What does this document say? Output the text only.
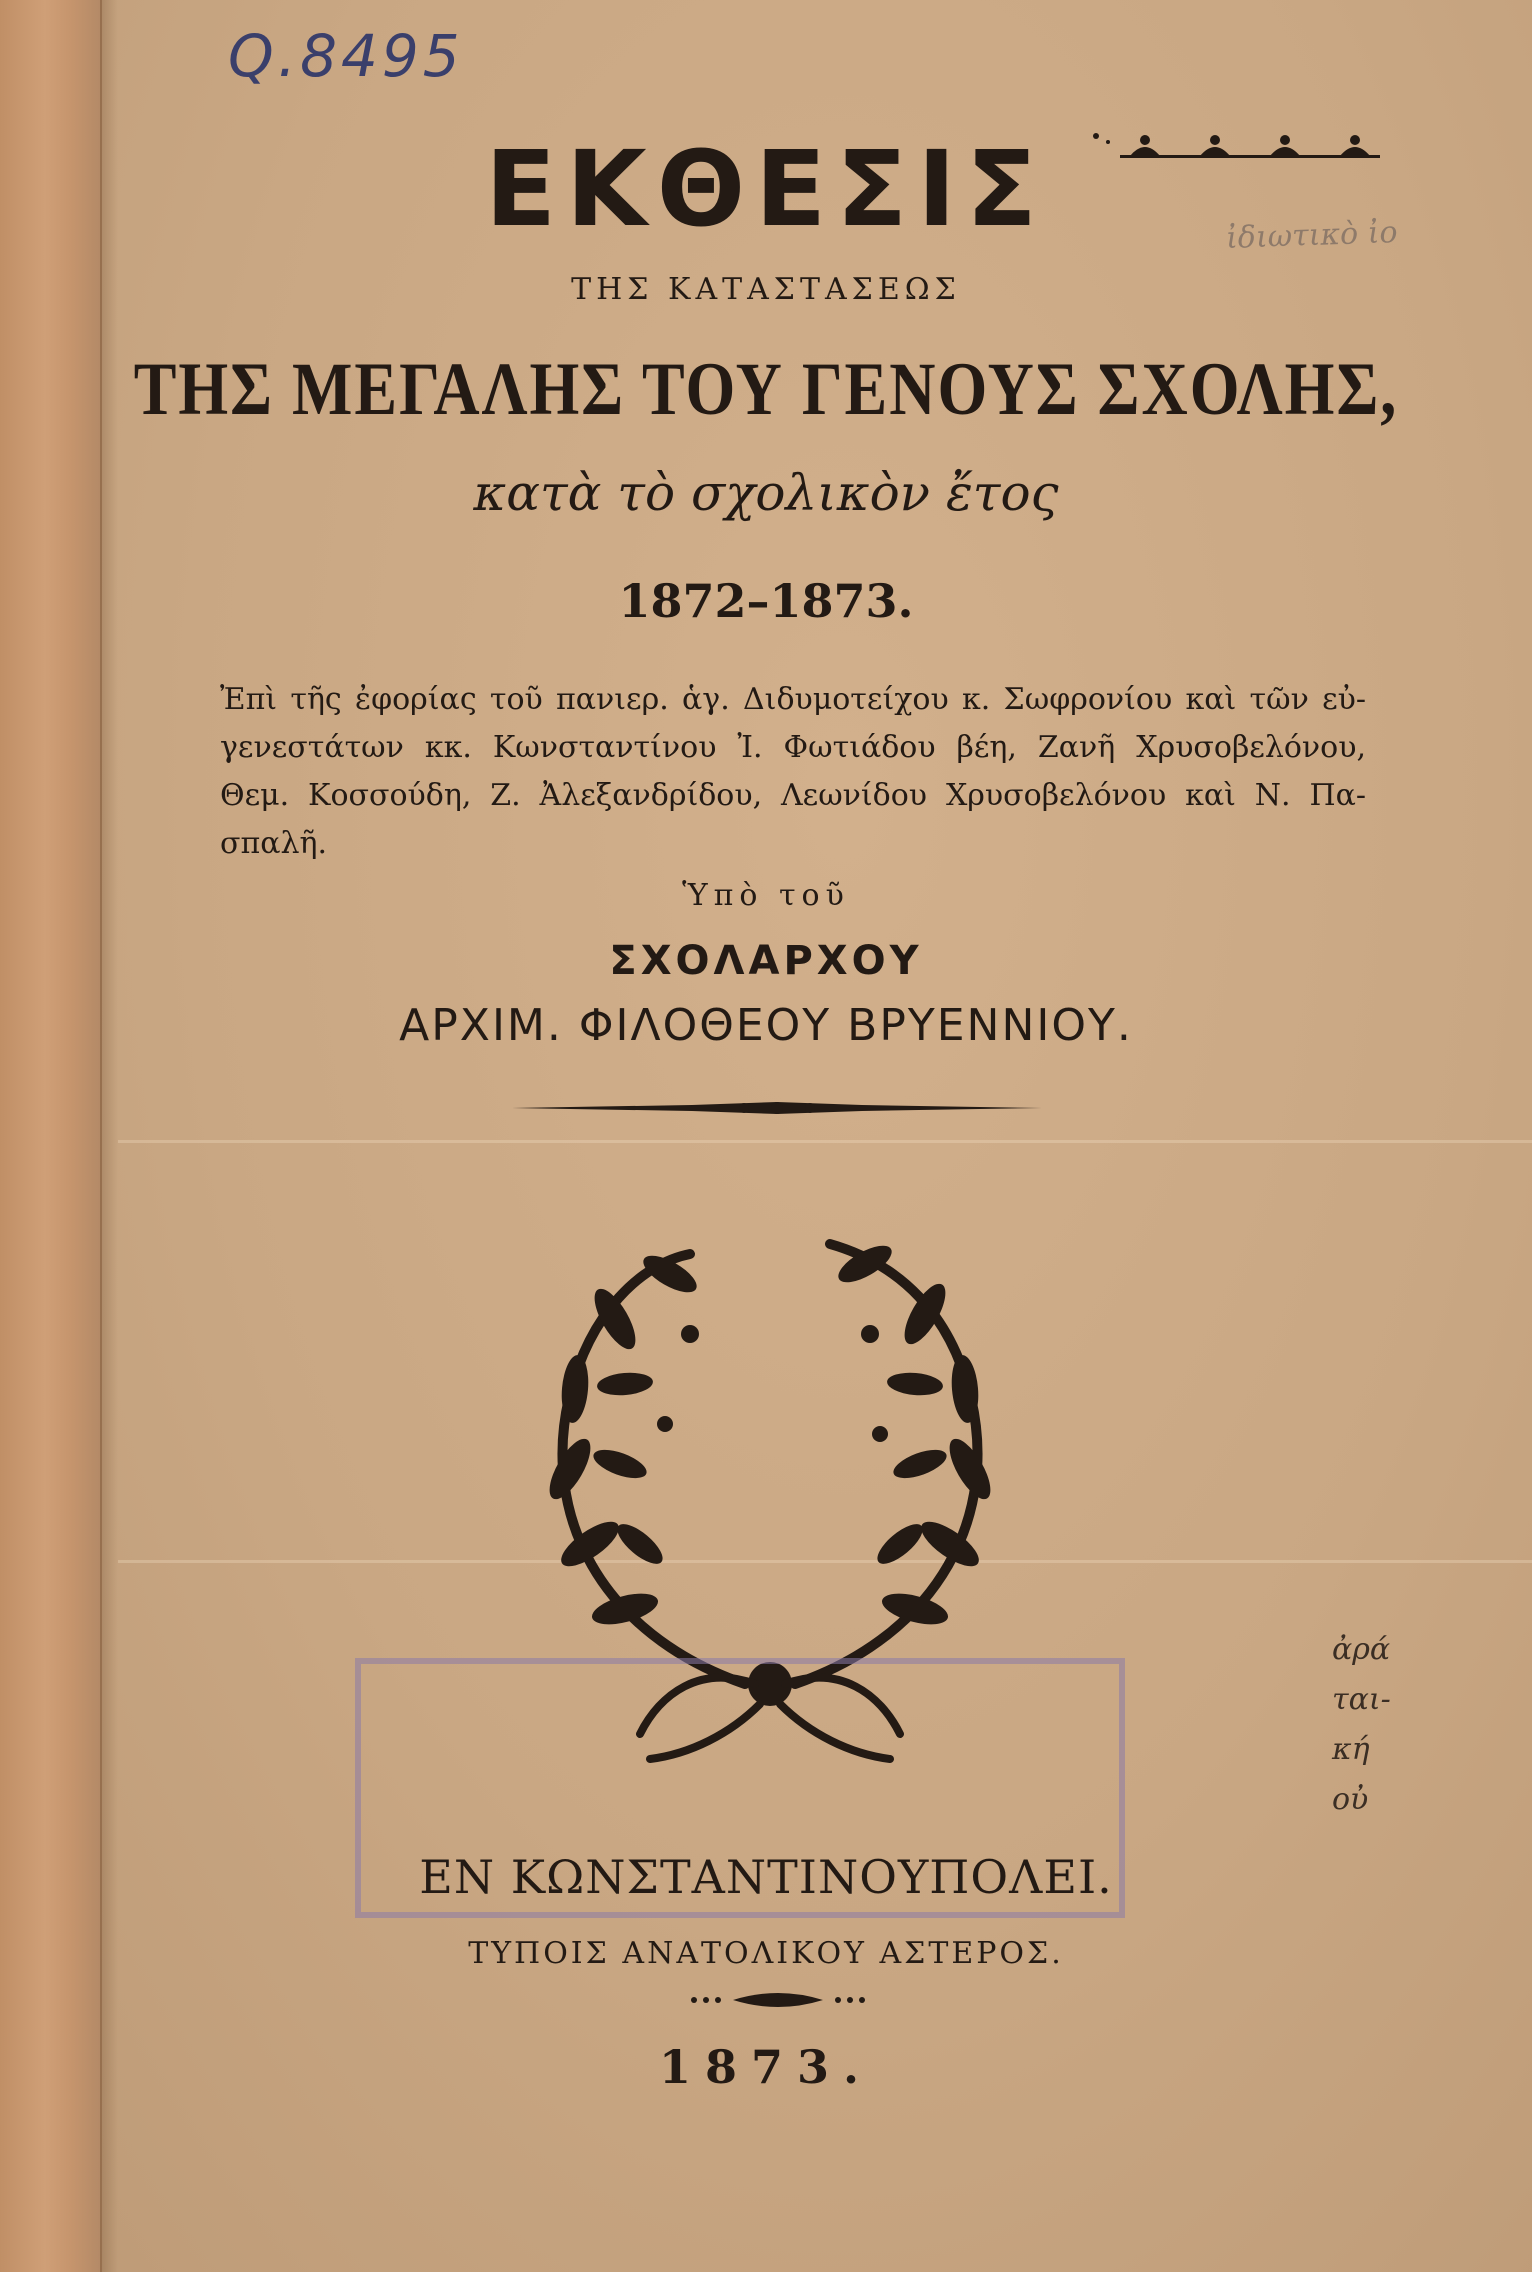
Q.8495
ἰδιωτικὸ ἰο
ΕΚΘΕΣΙΣ
ΤΗΣ ΚΑΤΑΣΤΑΣΕΩΣ
ΤΗΣ ΜΕΓΑΛΗΣ ΤΟΥ ΓΕΝΟΥΣ ΣΧΟΛΗΣ,
κατὰ τὸ σχολικὸν ἔτος
1872–1873.
Ἐπὶ τῆς ἐφορίας τοῦ πανιερ. ἁγ. Διδυμοτείχου κ. Σωφρονίου καὶ τῶν εὐ-
γενεστάτων κκ. Κωνσταντίνου Ἰ. Φωτιάδου βέη, Ζανῆ Χρυσοβελόνου,
Θεμ. Κοσσούδη, Ζ. Ἀλεξανδρίδου, Λεωνίδου Χρυσοβελόνου καὶ Ν. Πα-
σπαλῆ.
Ὑπὸ τοῦ
ΣΧΟΛΑΡΧΟΥ
ΑΡΧΙΜ. ΦΙΛΟΘΕΟΥ ΒΡΥΕΝΝΙΟΥ.
ΕΝ ΚΩΝΣΤΑΝΤΙΝΟΥΠΟΛΕΙ.
ΤΥΠΟΙΣ ΑΝΑΤΟΛΙΚΟΥ ΑΣΤΕΡΟΣ.
1873.
ἀρά
ται-
κή
οὐ
